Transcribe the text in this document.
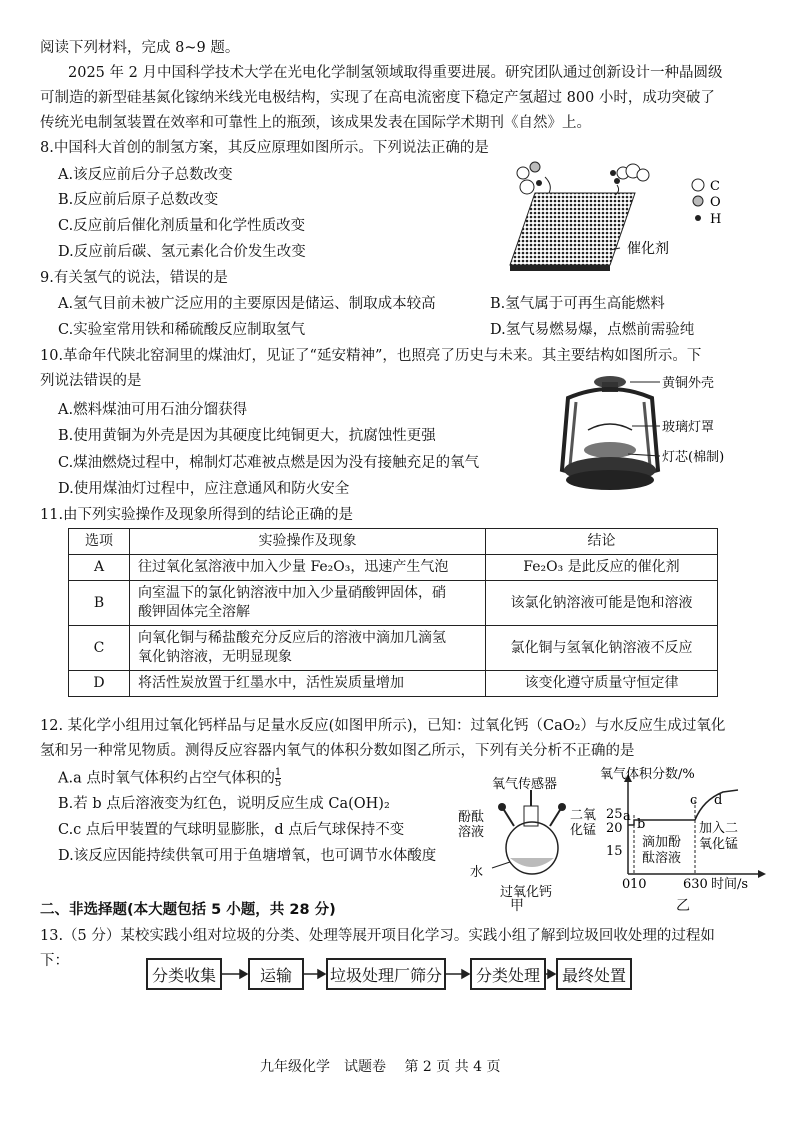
阅读下列材料，完成 8~9 题。
2025 年 2 月中国科学技术大学在光电化学制氢领域取得重要进展。研究团队通过创新设计一种晶圆级
可制造的新型硅基氮化镓纳米线光电极结构，实现了在高电流密度下稳定产氢超过 800 小时，成功突破了
传统光电制氢装置在效率和可靠性上的瓶颈，该成果发表在国际学术期刊《自然》上。
8.中国科大首创的制氢方案，其反应原理如图所示。下列说法正确的是
A.该反应前后分子总数改变
B.反应前后原子总数改变
C.反应前后催化剂质量和化学性质改变
D.反应前后碳、氢元素化合价发生改变
C
O
H
催化剂
9.有关氢气的说法，错误的是
A.氢气目前未被广泛应用的主要原因是储运、制取成本较高	B.氢气属于可再生高能燃料
C.实验室常用铁和稀硫酸反应制取氢气	D.氢气易燃易爆，点燃前需验纯
10.革命年代陕北窑洞里的煤油灯，见证了“延安精神”，也照亮了历史与未来。其主要结构如图所示。下
列说法错误的是
A.燃料煤油可用石油分馏获得
B.使用黄铜为外壳是因为其硬度比纯铜更大，抗腐蚀性更强
C.煤油燃烧过程中，棉制灯芯难被点燃是因为没有接触充足的氧气
D.使用煤油灯过程中，应注意通风和防火安全
黄铜外壳
玻璃灯罩
灯芯(棉制)
11.由下列实验操作及现象所得到的结论正确的是
选项	实验操作及现象	结论
A	往过氧化氢溶液中加入少量 Fe₂O₃，迅速产生气泡	Fe₂O₃ 是此反应的催化剂
B	向室温下的氯化钠溶液中加入少量硝酸钾固体，硝
酸钾固体完全溶解	该氯化钠溶液可能是饱和溶液
C	向氧化铜与稀盐酸充分反应后的溶液中滴加几滴氢
氧化钠溶液，无明显现象	氯化铜与氢氧化钠溶液不反应
D	将活性炭放置于红墨水中，活性炭质量增加	该变化遵守质量守恒定律
12. 某化学小组用过氧化钙样品与足量水反应(如图甲所示)，已知：过氧化钙（CaO₂）与水反应生成过氧化
氢和另一种常见物质。测得反应容器内氧气的体积分数如图乙所示，下列有关分析不正确的是
A.a 点时氧气体积约占空气体积的 $\frac{1}{5}$
B.若 b 点后溶液变为红色，说明反应生成 Ca(OH)₂
C.c 点后甲装置的气球明显膨胀，d 点后气球保持不变
D.该反应因能持续供氧可用于鱼塘增氧，也可调节水体酸度
水
酚酞
溶液
氧气传感器
二氧
化锰
过氧化钙
甲
氧气体积分数/%
25
20
15
0 10	630 时间/s
a
b
c d
滴加酚
酞溶液
加入二
氧化锰
乙
二、非选择题(本大题包括 5 小题，共 28 分)
13.（5 分）某校实践小组对垃圾的分类、处理等展开项目化学习。实践小组了解到垃圾回收处理的过程如
下：
分类收集	运输	垃圾处理厂筛分	分类处理	最终处置
九年级化学　试题卷　 第 2 页 共 4 页
